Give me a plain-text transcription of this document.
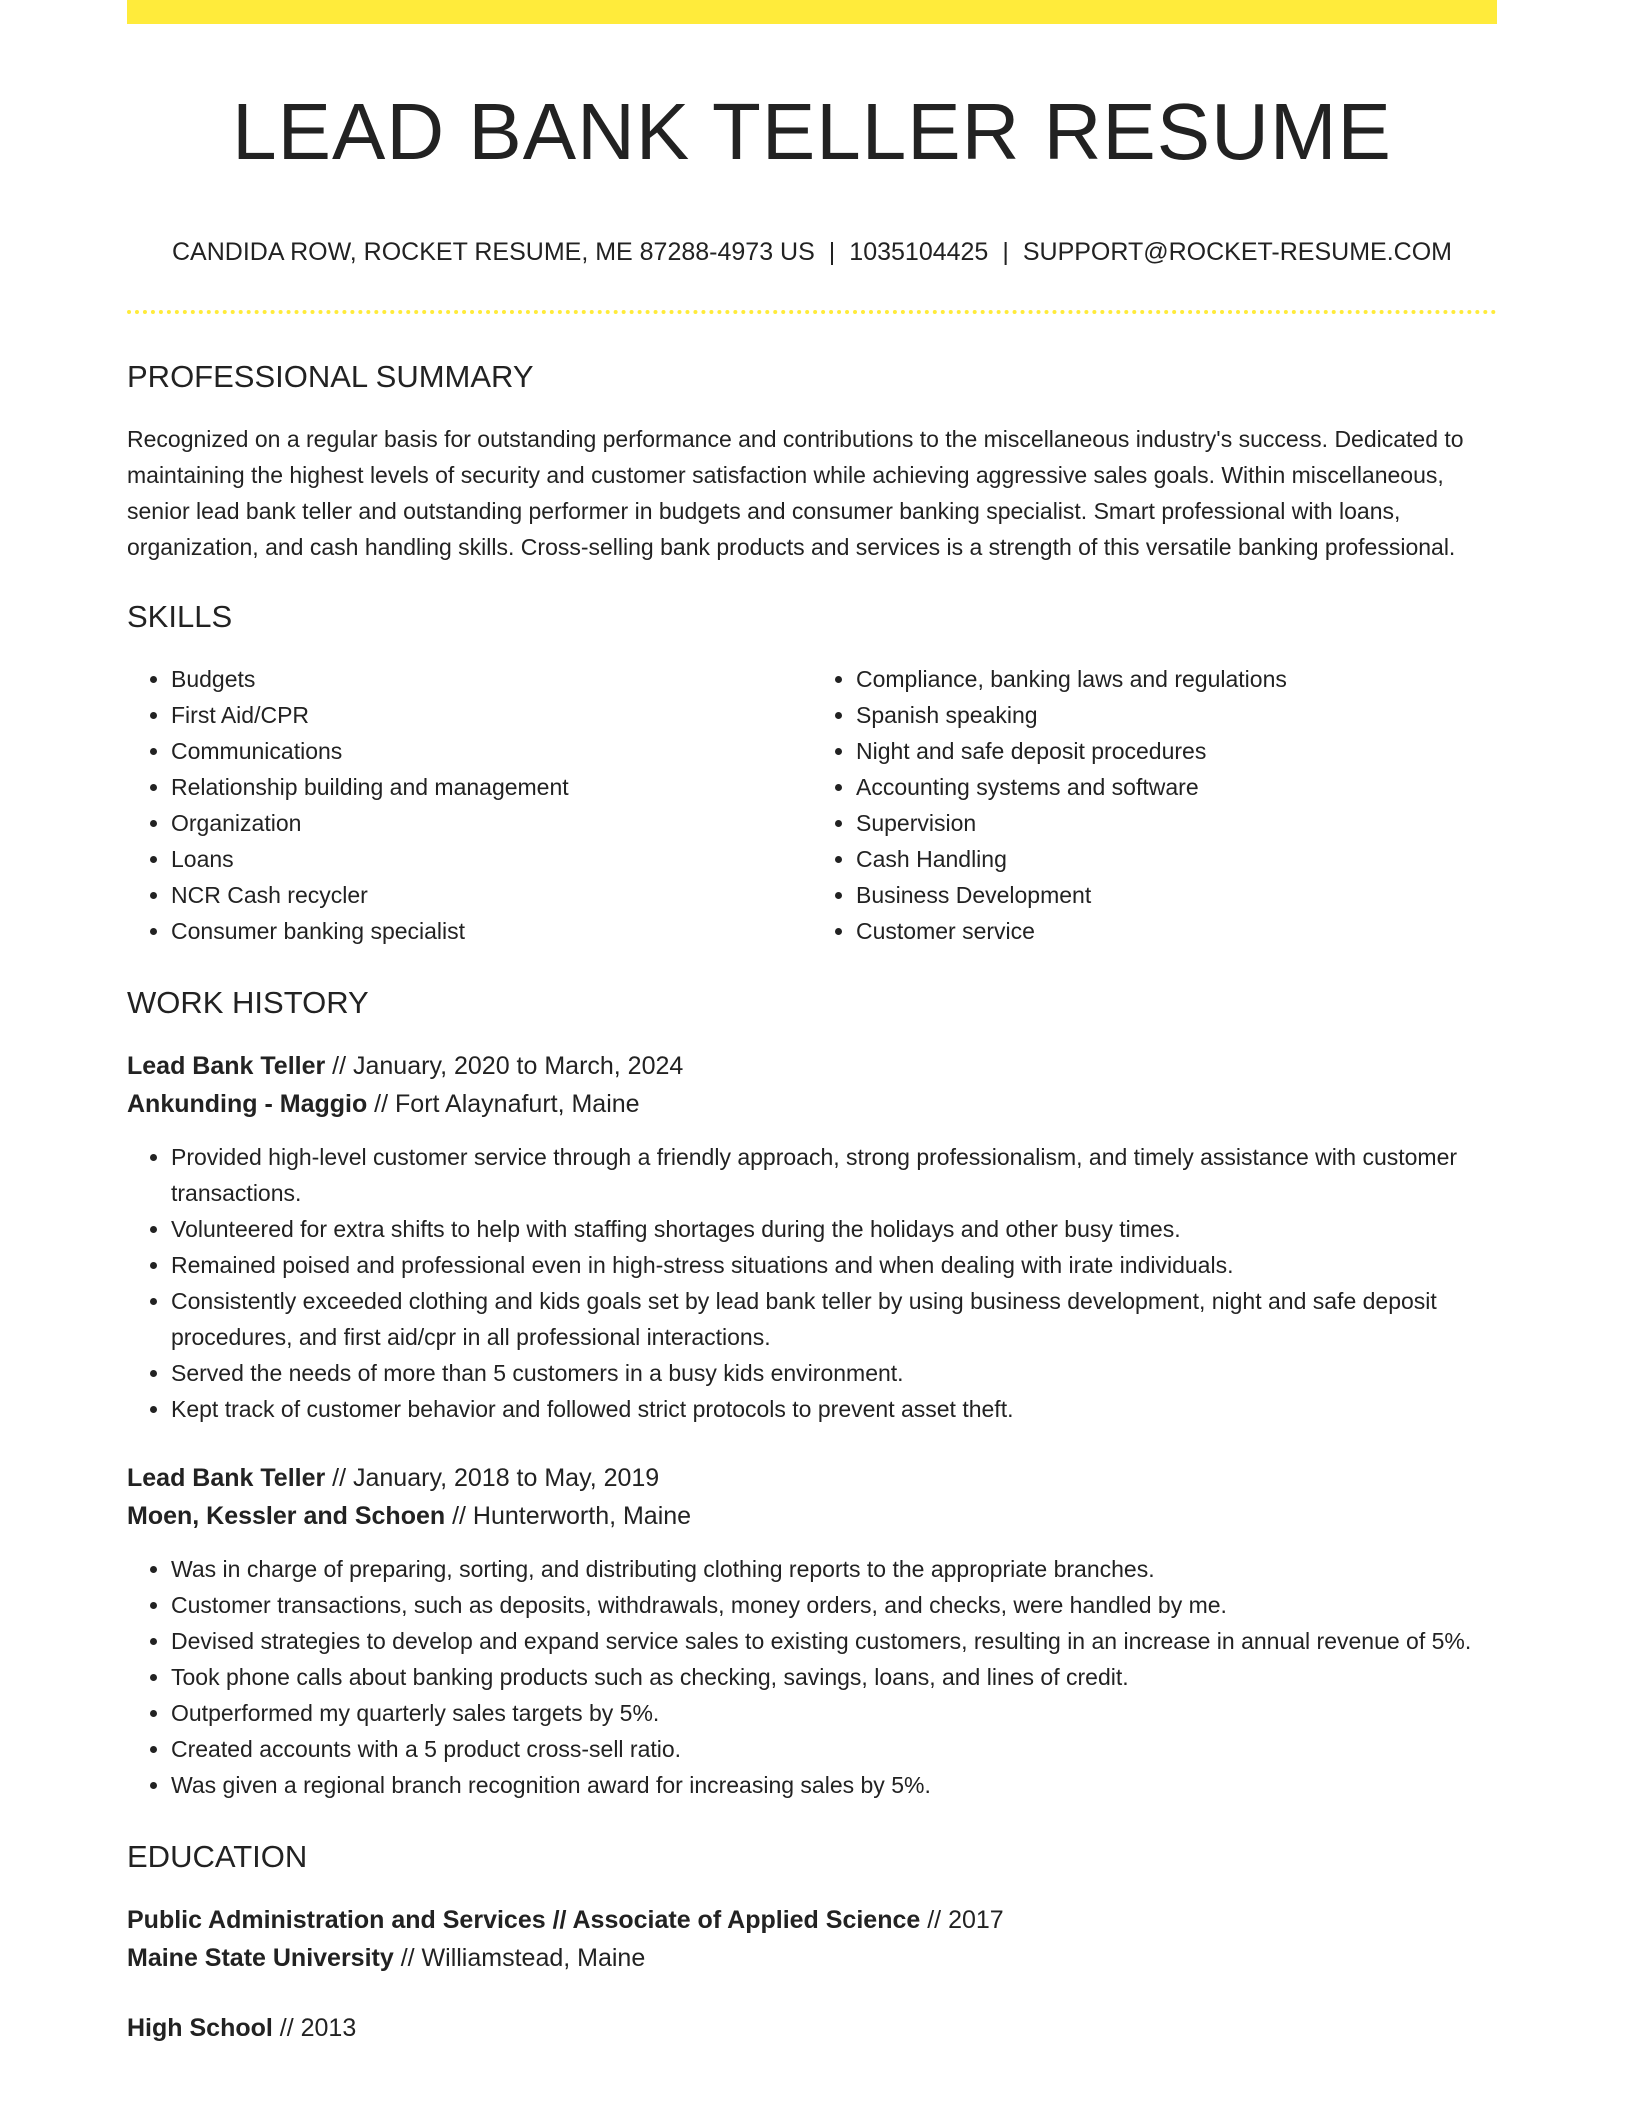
LEAD BANK TELLER RESUME
CANDIDA ROW, ROCKET RESUME, ME 87288-4973 US | 1035104425 | SUPPORT@ROCKET-RESUME.COM
PROFESSIONAL SUMMARY

Recognized on a regular basis for outstanding performance and contributions to the miscellaneous industry's success. Dedicated to maintaining the highest levels of security and customer satisfaction while achieving aggressive sales goals. Within miscellaneous, senior lead bank teller and outstanding performer in budgets and consumer banking specialist. Smart professional with loans, organization, and cash handling skills. Cross-selling bank products and services is a strength of this versatile banking professional.

SKILLS
• Budgets
• First Aid/CPR
• Communications
• Relationship building and management
• Organization
• Loans
• NCR Cash recycler
• Consumer banking specialist
• Compliance, banking laws and regulations
• Spanish speaking
• Night and safe deposit procedures
• Accounting systems and software
• Supervision
• Cash Handling
• Business Development
• Customer service
WORK HISTORY
Lead Bank Teller // January, 2020 to March, 2024
Ankunding - Maggio // Fort Alaynafurt, Maine
• Provided high-level customer service through a friendly approach, strong professionalism, and timely assistance with customer transactions.
• Volunteered for extra shifts to help with staffing shortages during the holidays and other busy times.
• Remained poised and professional even in high-stress situations and when dealing with irate individuals.
• Consistently exceeded clothing and kids goals set by lead bank teller by using business development, night and safe deposit procedures, and first aid/cpr in all professional interactions.
• Served the needs of more than 5 customers in a busy kids environment.
• Kept track of customer behavior and followed strict protocols to prevent asset theft.
Lead Bank Teller // January, 2018 to May, 2019
Moen, Kessler and Schoen // Hunterworth, Maine
• Was in charge of preparing, sorting, and distributing clothing reports to the appropriate branches.
• Customer transactions, such as deposits, withdrawals, money orders, and checks, were handled by me.
• Devised strategies to develop and expand service sales to existing customers, resulting in an increase in annual revenue of 5%.
• Took phone calls about banking products such as checking, savings, loans, and lines of credit.
• Outperformed my quarterly sales targets by 5%.
• Created accounts with a 5 product cross-sell ratio.
• Was given a regional branch recognition award for increasing sales by 5%.
EDUCATION
Public Administration and Services // Associate of Applied Science // 2017
Maine State University // Williamstead, Maine
High School // 2013
